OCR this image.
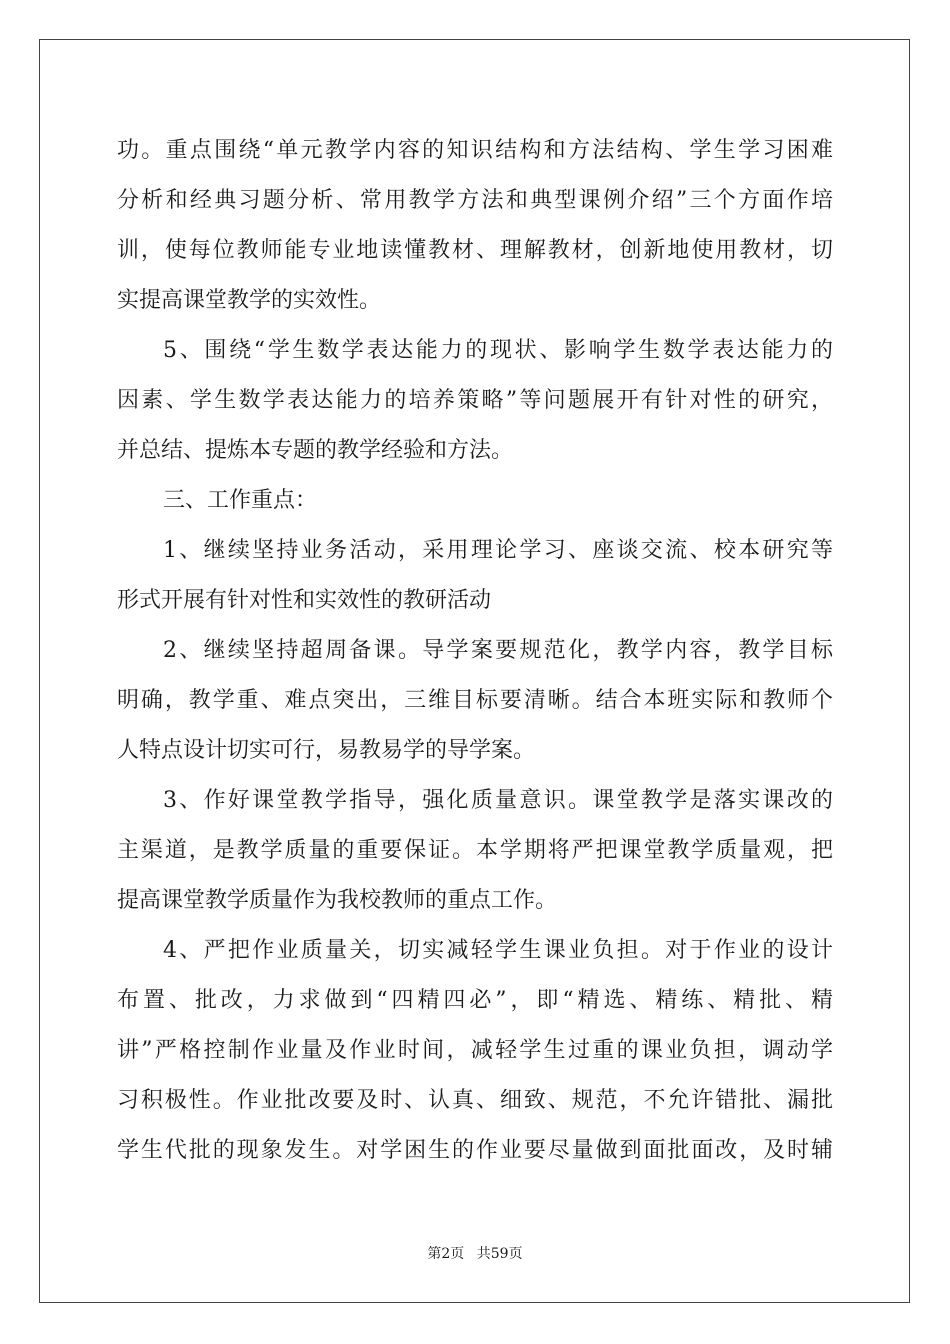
功。重点围绕“单元教学内容的知识结构和方法结构、学生学习困难
分析和经典习题分析、常用教学方法和典型课例介绍”三个方面作培
训，使每位教师能专业地读懂教材、理解教材，创新地使用教材，切
实提高课堂教学的实效性。
5、围绕“学生数学表达能力的现状、影响学生数学表达能力的
因素、学生数学表达能力的培养策略”等问题展开有针对性的研究，
并总结、提炼本专题的教学经验和方法。
三、工作重点：
1、继续坚持业务活动，采用理论学习、座谈交流、校本研究等
形式开展有针对性和实效性的教研活动
2、继续坚持超周备课。导学案要规范化，教学内容，教学目标
明确，教学重、难点突出，三维目标要清晰。结合本班实际和教师个
人特点设计切实可行，易教易学的导学案。
3、作好课堂教学指导，强化质量意识。课堂教学是落实课改的
主渠道，是教学质量的重要保证。本学期将严把课堂教学质量观，把
提高课堂教学质量作为我校教师的重点工作。
4、严把作业质量关，切实减轻学生课业负担。对于作业的设计
布置、批改，力求做到“四精四必”，即“精选、精练、精批、精
讲”严格控制作业量及作业时间，减轻学生过重的课业负担，调动学
习积极性。作业批改要及时、认真、细致、规范，不允许错批、漏批
学生代批的现象发生。对学困生的作业要尽量做到面批面改，及时辅
第2页 共59页
